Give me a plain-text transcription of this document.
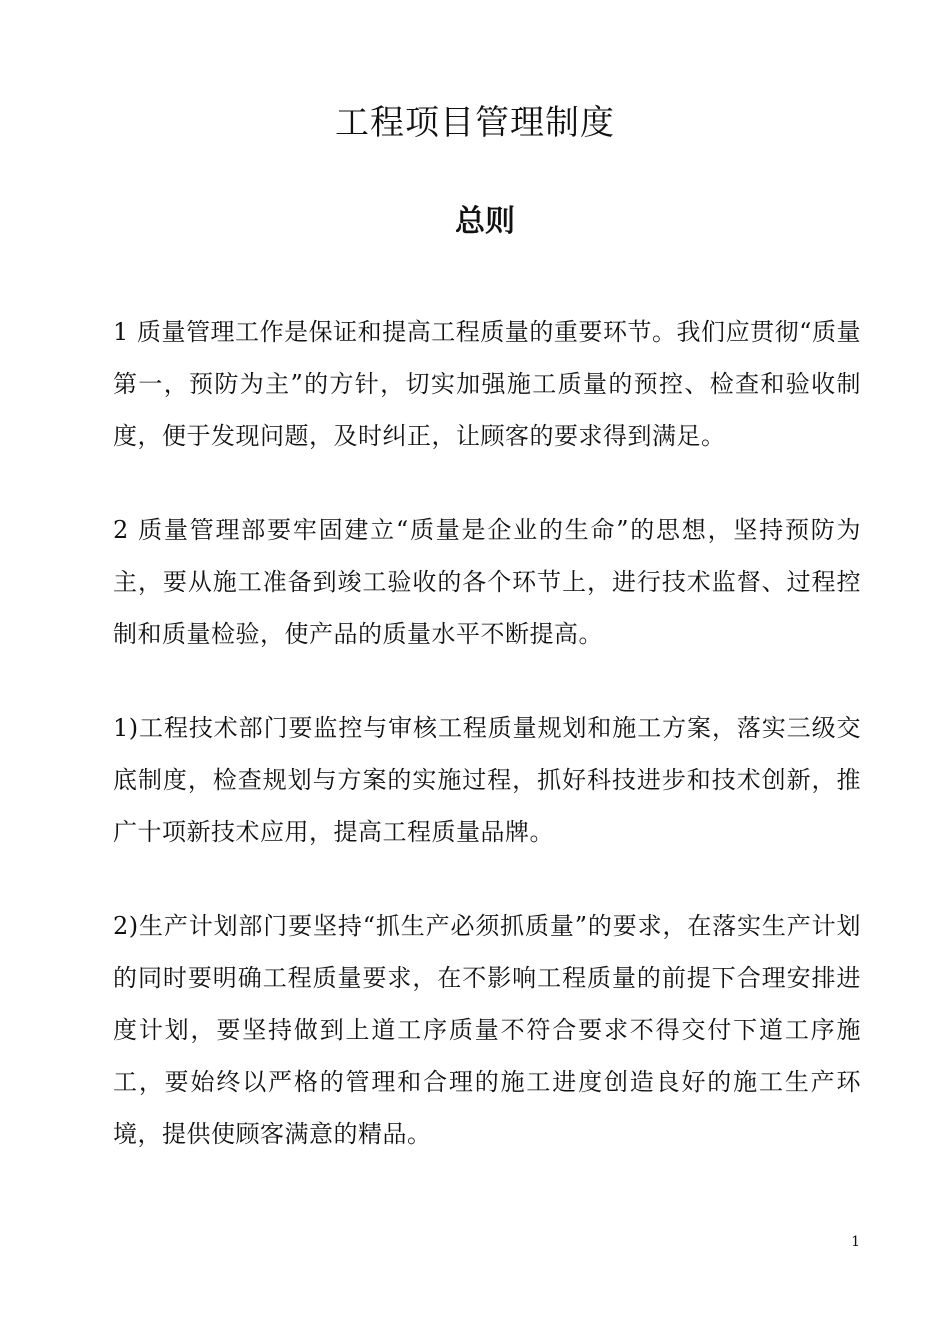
工程项目管理制度
总则

1 质量管理工作是保证和提高工程质量的重要环节。我们应贯彻“质量第一，预防为主”的方针，切实加强施工质量的预控、检查和验收制度，便于发现问题，及时纠正，让顾客的要求得到满足。

2 质量管理部要牢固建立“质量是企业的生命”的思想，坚持预防为主，要从施工准备到竣工验收的各个环节上，进行技术监督、过程控制和质量检验，使产品的质量水平不断提高。

1)工程技术部门要监控与审核工程质量规划和施工方案，落实三级交底制度，检查规划与方案的实施过程，抓好科技进步和技术创新，推广十项新技术应用，提高工程质量品牌。

2)生产计划部门要坚持“抓生产必须抓质量”的要求，在落实生产计划的同时要明确工程质量要求，在不影响工程质量的前提下合理安排进度计划，要坚持做到上道工序质量不符合要求不得交付下道工序施工，要始终以严格的管理和合理的施工进度创造良好的施工生产环境，提供使顾客满意的精品。

1
